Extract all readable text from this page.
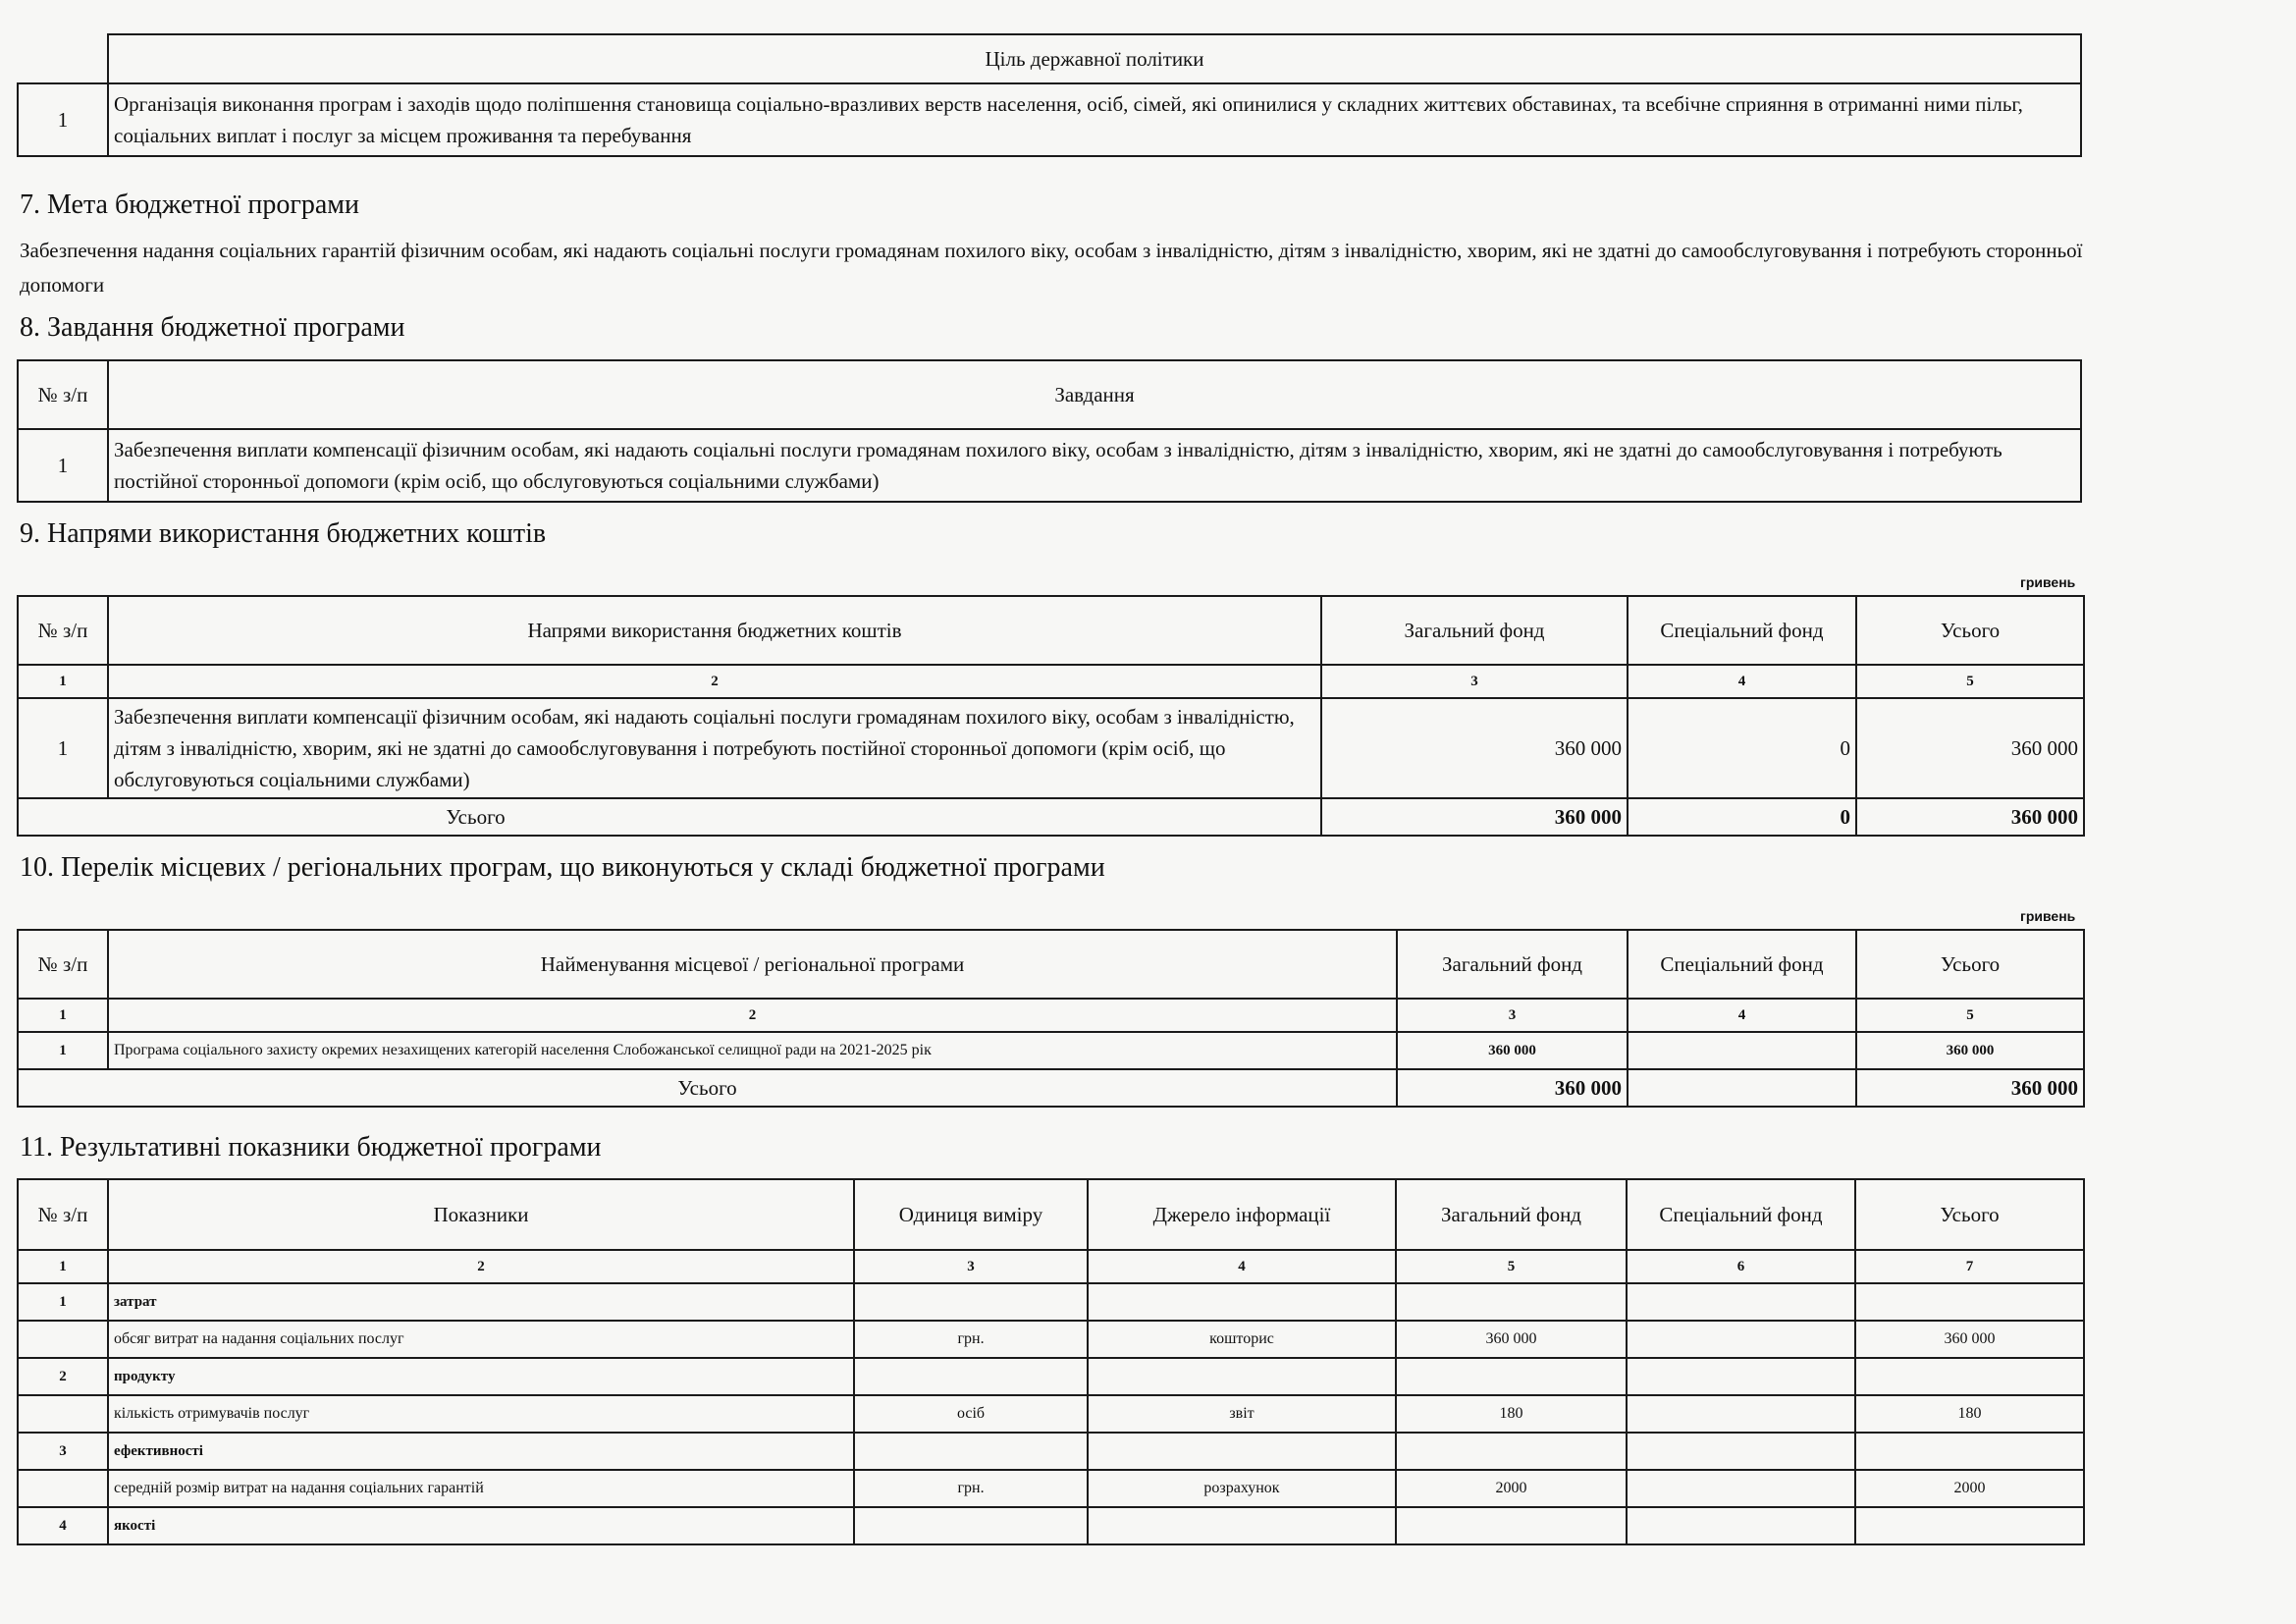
	Ціль державної політики
1	Організація виконання програм і заходів щодо поліпшення становища соціально-вразливих верств населення, осіб, сімей, які опинилися у складних життєвих обставинах, та всебічне сприяння в отриманні ними пільг, соціальних виплат і послуг за місцем проживання та перебування
7. Мета бюджетної програми
Забезпечення надання соціальних гарантій фізичним особам, які надають соціальні послуги громадянам похилого віку, особам з інвалідністю, дітям з інвалідністю, хворим, які не здатні до самообслуговування і потребують сторонньої допомоги
8. Завдання бюджетної програми
№ з/п	Завдання
1	Забезпечення виплати компенсації фізичним особам, які надають соціальні послуги громадянам похилого віку, особам з інвалідністю, дітям з інвалідністю, хворим, які не здатні до самообслуговування і потребують постійної сторонньої допомоги (крім осіб, що обслуговуються соціальними службами)
9. Напрями використання бюджетних коштів
гривень
№ з/п	Напрями використання бюджетних коштів	Загальний фонд	Спеціальний фонд	Усього
1	2	3	4	5
1	Забезпечення виплати компенсації фізичним особам, які надають соціальні послуги громадянам похилого віку, особам з інвалідністю, дітям з інвалідністю, хворим, які не здатні до самообслуговування і потребують постійної сторонньої допомоги (крім осіб, що обслуговуються соціальними службами)	360 000	0	360 000
Усього		360 000	0	360 000
10. Перелік місцевих / регіональних програм, що виконуються у складі бюджетної програми
гривень
№ з/п	Найменування місцевої / регіональної програми	Загальний фонд	Спеціальний фонд	Усього
1	2	3	4	5
1	Програма соціального захисту окремих незахищених категорій населення Слобожанської селищної ради на 2021-2025 рік	360 000		360 000
Усього		360 000		360 000
11. Результативні показники бюджетної програми
№ з/п	Показники	Одиниця виміру	Джерело інформації	Загальний фонд	Спеціальний фонд	Усього
1	2	3	4	5	6	7
1	затрат					
	обсяг витрат на надання соціальних послуг	грн.	кошторис	360 000		360 000
2	продукту					
	кількість отримувачів послуг	осіб	звіт	180		180
3	ефективності					
	середній розмір витрат на надання соціальних гарантій	грн.	розрахунок	2000		2000
4	якості					
